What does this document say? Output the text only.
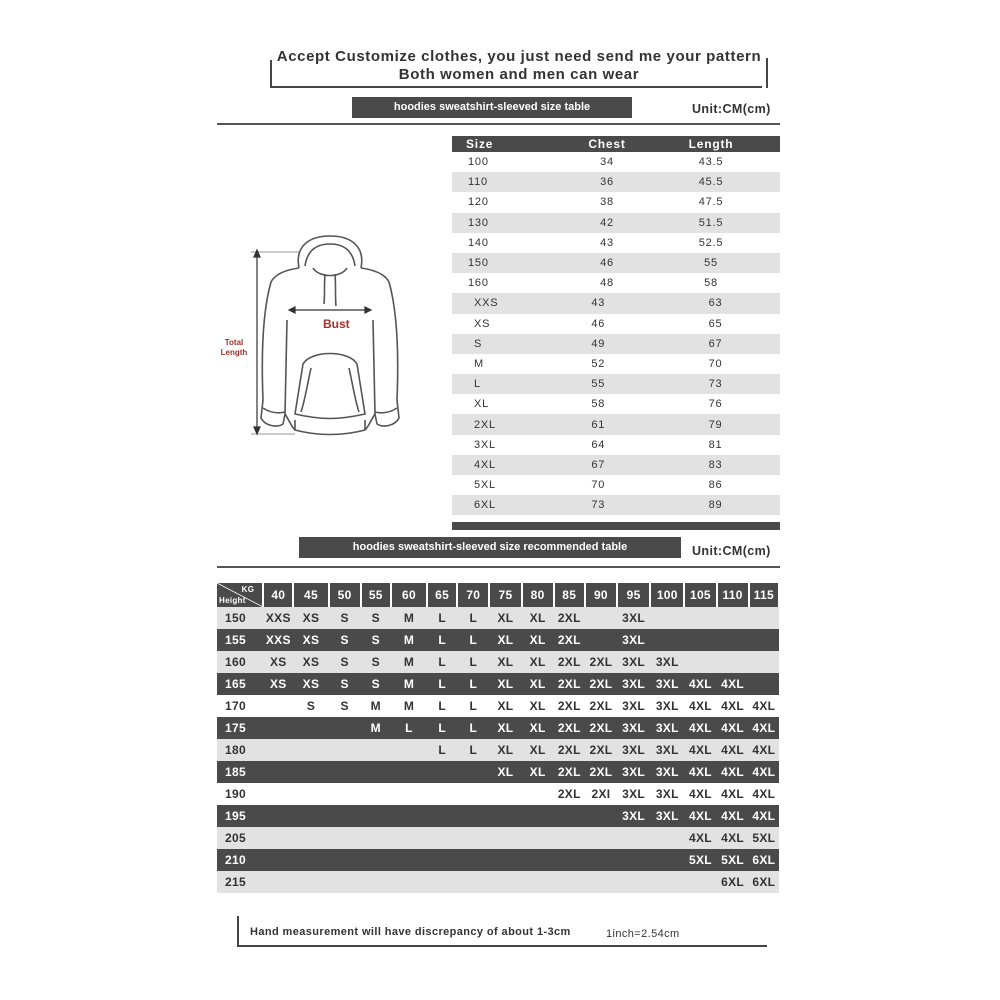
Accept Customize clothes, you just need send me your pattern
Both women and men can wear
hoodies sweatshirt-sleeved size table	Unit:CM(cm)
Bust
Total
Length
Size	Chest	Length
100	34	43.5
110	36	45.5
120	38	47.5
130	42	51.5
140	43	52.5
150	46	55
160	48	58
XXS	43	63
XS	46	65
S	49	67
M	52	70
L	55	73
XL	58	76
2XL	61	79
3XL	64	81
4XL	67	83
5XL	70	86
6XL	73	89
hoodies sweatshirt-sleeved size recommended table	Unit:CM(cm)
KG
Height	40	45	50	55	60	65	70	75	80	85	90	95	100	105	110	115
150	XXS	XS	S	S	M	L	L	XL	XL	2XL		3XL				
155	XXS	XS	S	S	M	L	L	XL	XL	2XL		3XL				
160	XS	XS	S	S	M	L	L	XL	XL	2XL	2XL	3XL	3XL			
165	XS	XS	S	S	M	L	L	XL	XL	2XL	2XL	3XL	3XL	4XL	4XL	
170		S	S	M	M	L	L	XL	XL	2XL	2XL	3XL	3XL	4XL	4XL	4XL
175				M	L	L	L	XL	XL	2XL	2XL	3XL	3XL	4XL	4XL	4XL
180						L	L	XL	XL	2XL	2XL	3XL	3XL	4XL	4XL	4XL
185								XL	XL	2XL	2XL	3XL	3XL	4XL	4XL	4XL
190										2XL	2XI	3XL	3XL	4XL	4XL	4XL
195												3XL	3XL	4XL	4XL	4XL
205														4XL	4XL	5XL
210														5XL	5XL	6XL
215															6XL	6XL
Hand measurement will have discrepancy of about 1-3cm	1inch=2.54cm
